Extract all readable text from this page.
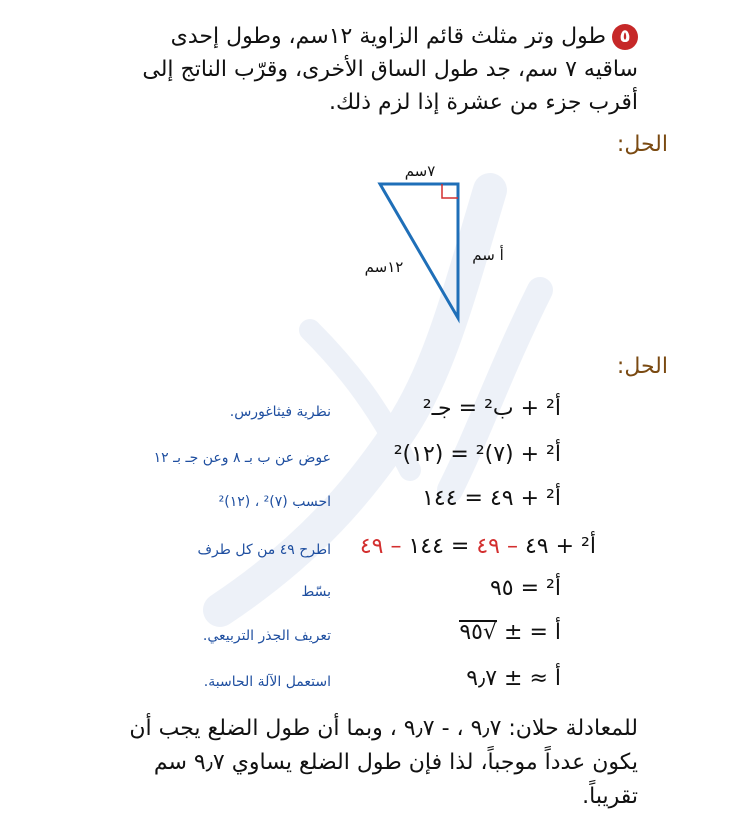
٥طول وتر مثلث قائم الزاوية ١٢سم، وطول إحدى ساقيه ٧ سم، جد طول الساق الأخرى، وقرّب الناتج إلى أقرب جزء من عشرة إذا لزم ذلك.
الحل:
٧سم
أ سم
١٢سم
الحل:
أ² + ب² = جـ²
نظرية فيثاغورس.
أ² + (٧)² = (١٢)²
عوض عن ب بـ ٨ وعن جـ بـ ١٢
أ² + ٤٩ = ١٤٤
احسب (٧)² ، (١٢)²
أ² + ٤٩ – ٤٩ = ١٤٤ – ٤٩
اطرح ٤٩ من كل طرف
أ² = ٩٥
بسّط
أ = ± √٩٥
تعريف الجذر التربيعي.
أ ≈ ± ٩٫٧
استعمل الآلة الحاسبة.
للمعادلة حلان: ٩٫٧ ، - ٩٫٧ ، وبما أن طول الضلع يجب أن يكون عدداً موجباً، لذا فإن طول الضلع يساوي ٩٫٧ سم تقريباً.
